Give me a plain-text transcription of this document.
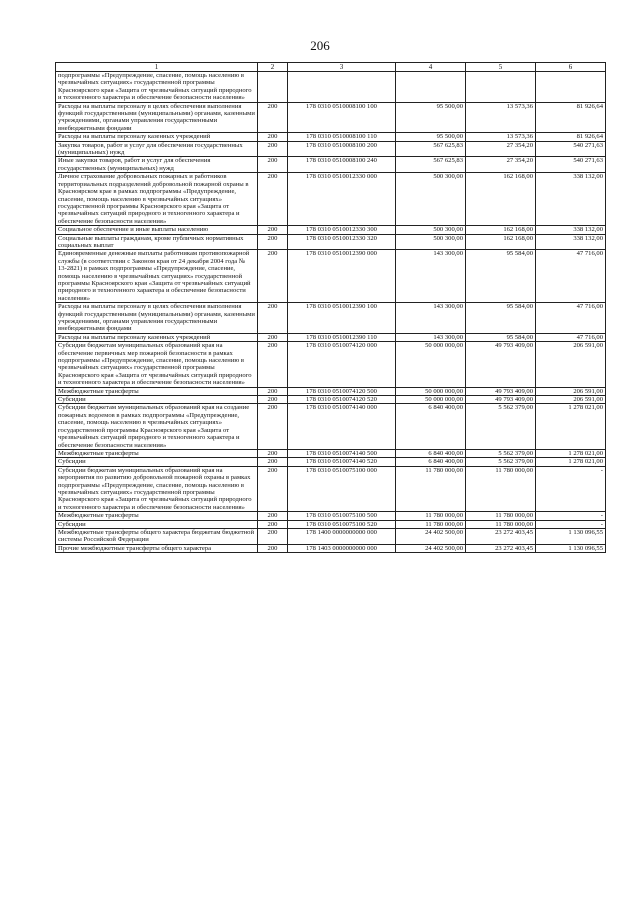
206
1	2	3	4	5	6
подпрограммы «Предупреждение, спасение, помощь населению в чрезвычайных ситуациях» государственной программы Красноярского края «Защита от чрезвычайных ситуаций природного и техногенного характера и обеспечение безопасности населения»					
Расходы на выплаты персоналу в целях обеспечения выполнения функций государственными (муниципальными) органами, казенными учреждениями, органами управления государственными внебюджетными фондами	200	178 0310 0510008100 100	95 500,00	13 573,36	81 926,64
Расходы на выплаты персоналу казенных учреждений	200	178 0310 0510008100 110	95 500,00	13 573,36	81 926,64
Закупка товаров, работ и услуг для обеспечения государственных (муниципальных) нужд	200	178 0310 0510008100 200	567 625,83	27 354,20	540 271,63
Иные закупки товаров, работ и услуг для обеспечения государственных (муниципальных) нужд	200	178 0310 0510008100 240	567 625,83	27 354,20	540 271,63
Личное страхование добровольных пожарных и работников территориальных подразделений добровольной пожарной охраны в Красноярском крае в рамках подпрограммы «Предупреждение, спасение, помощь населению в чрезвычайных ситуациях» государственной программы Красноярского края «Защита от чрезвычайных ситуаций природного и техногенного характера и обеспечение безопасности населения»	200	178 0310 0510012330 000	500 300,00	162 168,00	338 132,00
Социальное обеспечение и иные выплаты населению	200	178 0310 0510012330 300	500 300,00	162 168,00	338 132,00
Социальные выплаты гражданам, кроме публичных нормативных социальных выплат	200	178 0310 0510012330 320	500 300,00	162 168,00	338 132,00
Единовременные денежные выплаты работникам противопожарной службы (в соответствии с Законом края от 24 декабря 2004 года № 13-2821) в рамках подпрограммы «Предупреждение, спасение, помощь населению в чрезвычайных ситуациях» государственной программы Красноярского края «Защита от чрезвычайных ситуаций природного и техногенного характера и обеспечение безопасности населения»	200	178 0310 0510012390 000	143 300,00	95 584,00	47 716,00
Расходы на выплаты персоналу в целях обеспечения выполнения функций государственными (муниципальными) органами, казенными учреждениями, органами управления государственными внебюджетными фондами	200	178 0310 0510012390 100	143 300,00	95 584,00	47 716,00
Расходы на выплаты персоналу казенных учреждений	200	178 0310 0510012390 110	143 300,00	95 584,00	47 716,00
Субсидии бюджетам муниципальных образований края на обеспечение первичных мер пожарной безопасности в рамках подпрограммы «Предупреждение, спасение, помощь населению в чрезвычайных ситуациях» государственной программы Красноярского края «Защита от чрезвычайных ситуаций природного и техногенного характера и обеспечение безопасности населения»	200	178 0310 0510074120 000	50 000 000,00	49 793 409,00	206 591,00
Межбюджетные трансферты	200	178 0310 0510074120 500	50 000 000,00	49 793 409,00	206 591,00
Субсидии	200	178 0310 0510074120 520	50 000 000,00	49 793 409,00	206 591,00
Субсидии бюджетам муниципальных образований края на создание пожарных водоемов в рамках подпрограммы «Предупреждение, спасение, помощь населению в чрезвычайных ситуациях» государственной программы Красноярского края «Защита от чрезвычайных ситуаций природного и техногенного характера и обеспечение безопасности населения»	200	178 0310 0510074140 000	6 840 400,00	5 562 379,00	1 278 021,00
Межбюджетные трансферты	200	178 0310 0510074140 500	6 840 400,00	5 562 379,00	1 278 021,00
Субсидии	200	178 0310 0510074140 520	6 840 400,00	5 562 379,00	1 278 021,00
Субсидии бюджетам муниципальных образований края на мероприятия по развитию добровольной пожарной охраны в рамках подпрограммы «Предупреждение, спасение, помощь населению в чрезвычайных ситуациях» государственной программы Красноярского края «Защита от чрезвычайных ситуаций природного и техногенного характера и обеспечение безопасности населения»	200	178 0310 0510075100 000	11 780 000,00	11 780 000,00	-
Межбюджетные трансферты	200	178 0310 0510075100 500	11 780 000,00	11 780 000,00	-
Субсидии	200	178 0310 0510075100 520	11 780 000,00	11 780 000,00	-
Межбюджетные трансферты общего характера бюджетам бюджетной системы Российской Федерации	200	178 1400 0000000000 000	24 402 500,00	23 272 403,45	1 130 096,55
Прочие межбюджетные трансферты общего характера	200	178 1403 0000000000 000	24 402 500,00	23 272 403,45	1 130 096,55
